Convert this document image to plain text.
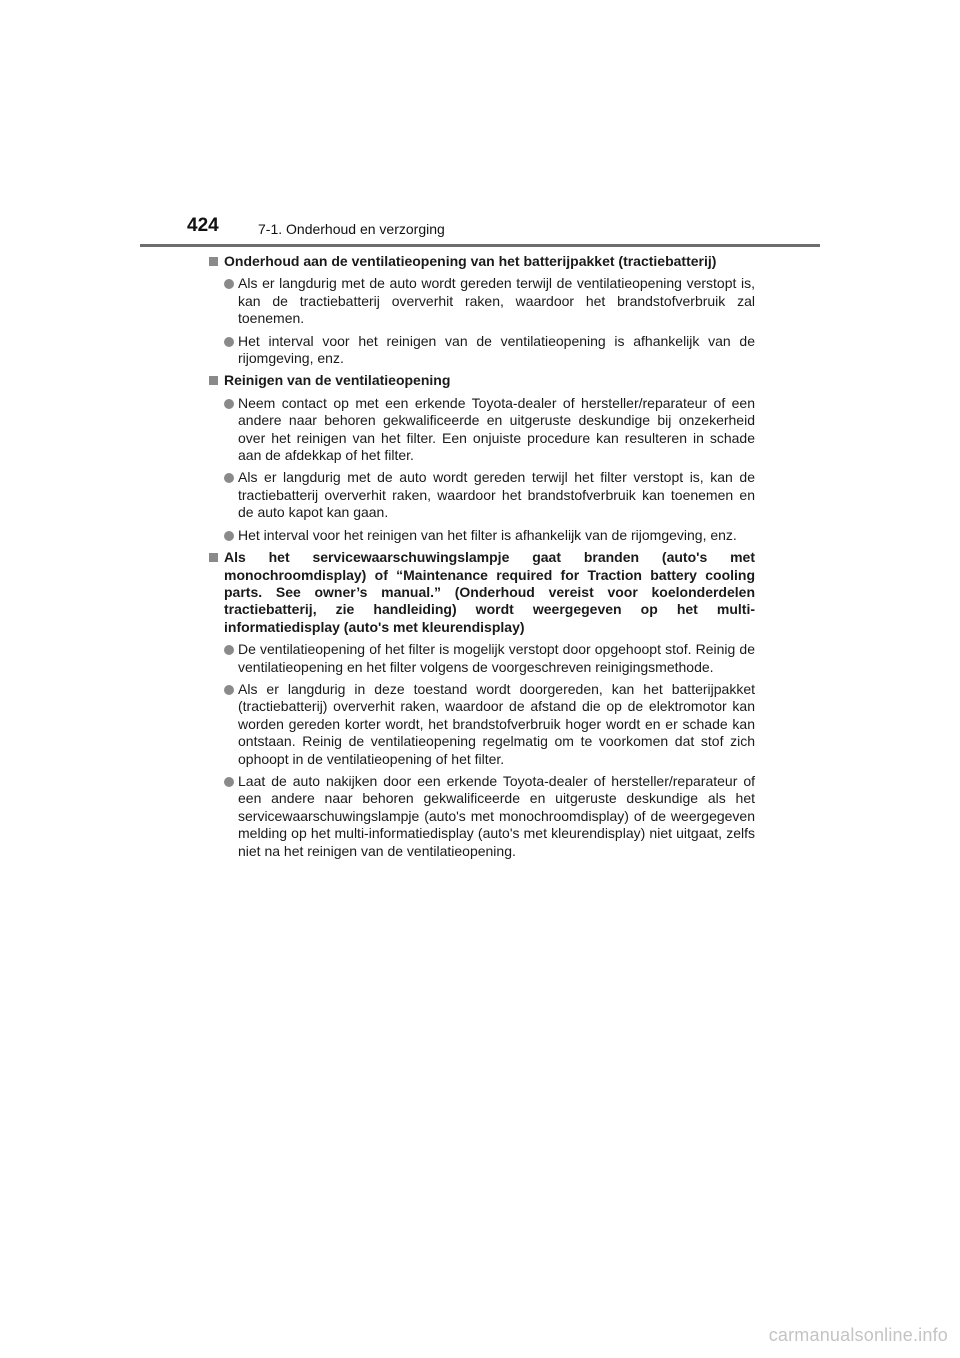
424	7-1. Onderhoud en verzorging
Onderhoud aan de ventilatieopening van het batterijpakket (tractiebatterij)
Als er langdurig met de auto wordt gereden terwijl de ventilatieopening verstopt is, kan de tractiebatterij oververhit raken, waardoor het brandstofverbruik zal toenemen.
Het interval voor het reinigen van de ventilatieopening is afhankelijk van de rijomgeving, enz.
Reinigen van de ventilatieopening
Neem contact op met een erkende Toyota-dealer of hersteller/reparateur of een andere naar behoren gekwalificeerde en uitgeruste deskundige bij onzekerheid over het reinigen van het filter. Een onjuiste procedure kan resulteren in schade aan de afdekkap of het filter.
Als er langdurig met de auto wordt gereden terwijl het filter verstopt is, kan de tractiebatterij oververhit raken, waardoor het brandstofverbruik kan toenemen en de auto kapot kan gaan.
Het interval voor het reinigen van het filter is afhankelijk van de rijomgeving, enz.
Als het servicewaarschuwingslampje gaat branden (auto's met monochroomdisplay) of “Maintenance required for Traction battery cooling parts. See owner’s manual.” (Onderhoud vereist voor koelonderdelen tractiebatterij, zie handleiding) wordt weergegeven op het multi-informatiedisplay (auto's met kleurendisplay)
De ventilatieopening of het filter is mogelijk verstopt door opgehoopt stof. Reinig de ventilatieopening en het filter volgens de voorgeschreven reinigingsmethode.
Als er langdurig in deze toestand wordt doorgereden, kan het batterijpakket (tractiebatterij) oververhit raken, waardoor de afstand die op de elektromotor kan worden gereden korter wordt, het brandstofverbruik hoger wordt en er schade kan ontstaan. Reinig de ventilatieopening regelmatig om te voorkomen dat stof zich ophoopt in de ventilatieopening of het filter.
Laat de auto nakijken door een erkende Toyota-dealer of hersteller/reparateur of een andere naar behoren gekwalificeerde en uitgeruste deskundige als het servicewaarschuwingslampje (auto's met monochroomdisplay) of de weergegeven melding op het multi-informatiedisplay (auto's met kleurendisplay) niet uitgaat, zelfs niet na het reinigen van de ventilatieopening.
carmanualsonline.info
